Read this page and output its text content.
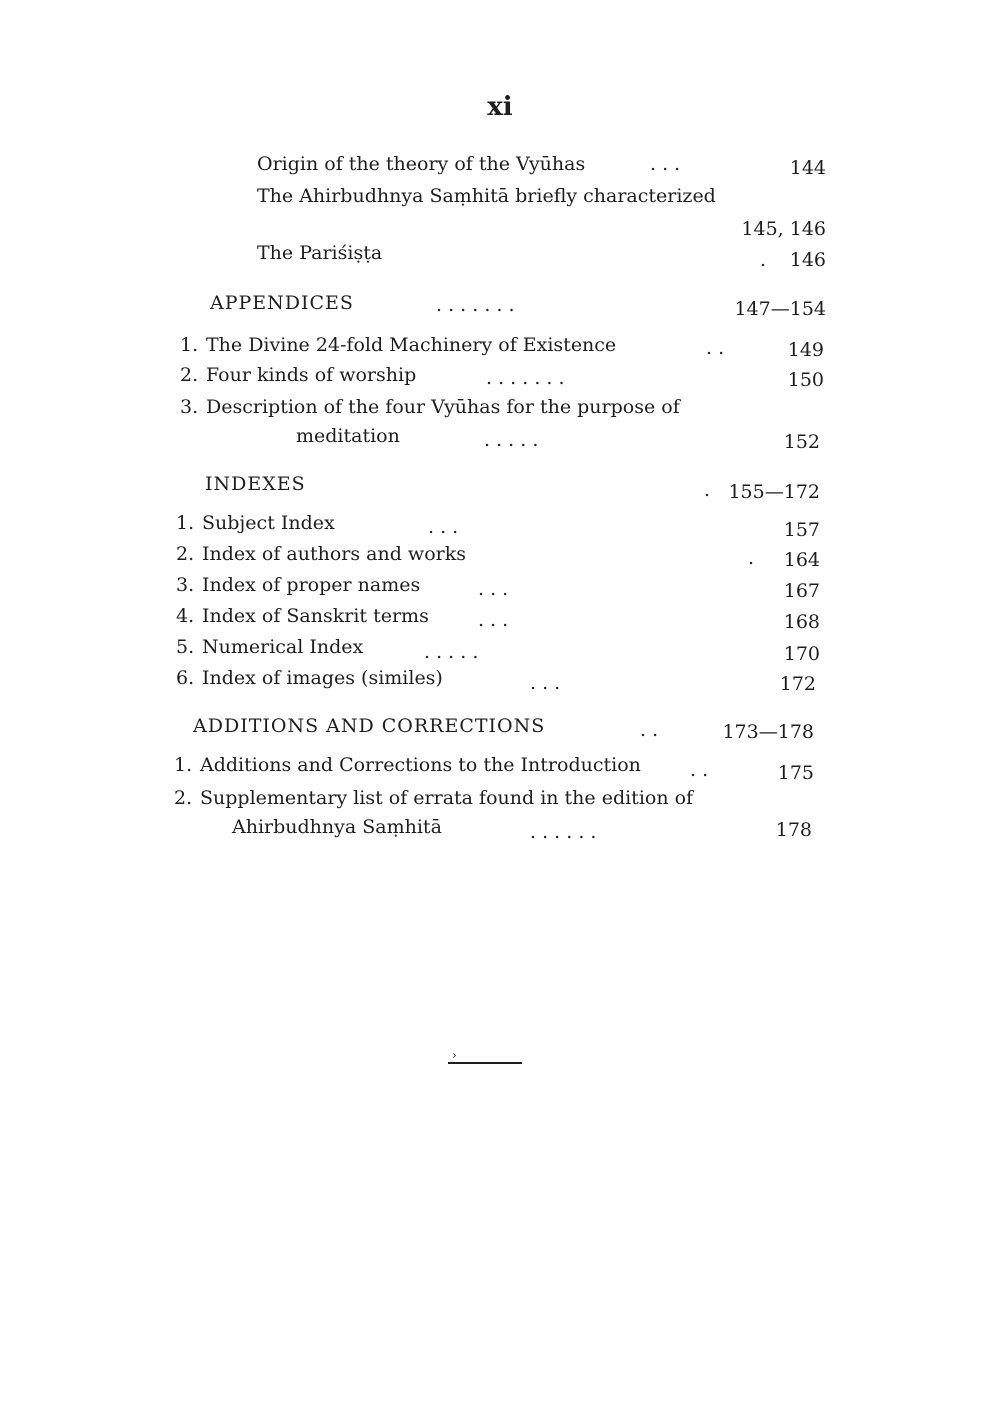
xi
Origin of the theory of the Vyūhas	. . .	144
The Ahirbudhnya Saṃhitā briefly characterized
145, 146
The Pariśiṣṭa	.	146
APPENDICES	. . . . . . .	147—154
1. The Divine 24-fold Machinery of Existence	. .	149
2. Four kinds of worship	. . . . . . .	150
3. Description of the four Vyūhas for the purpose of
meditation	. . . . .	152
INDEXES	. 155—172
1. Subject Index	. . .	157
2. Index of authors and works	.	164
3. Index of proper names	. . .	167
4. Index of Sanskrit terms	. . .	168
5. Numerical Index	. . . . .	170
6. Index of images (similes)	. . .	172
ADDITIONS AND CORRECTIONS	. .	173—178
1. Additions and Corrections to the Introduction	. .	175
2. Supplementary list of errata found in the edition of
Ahirbudhnya Saṃhitā	. . . . . .	178
›
